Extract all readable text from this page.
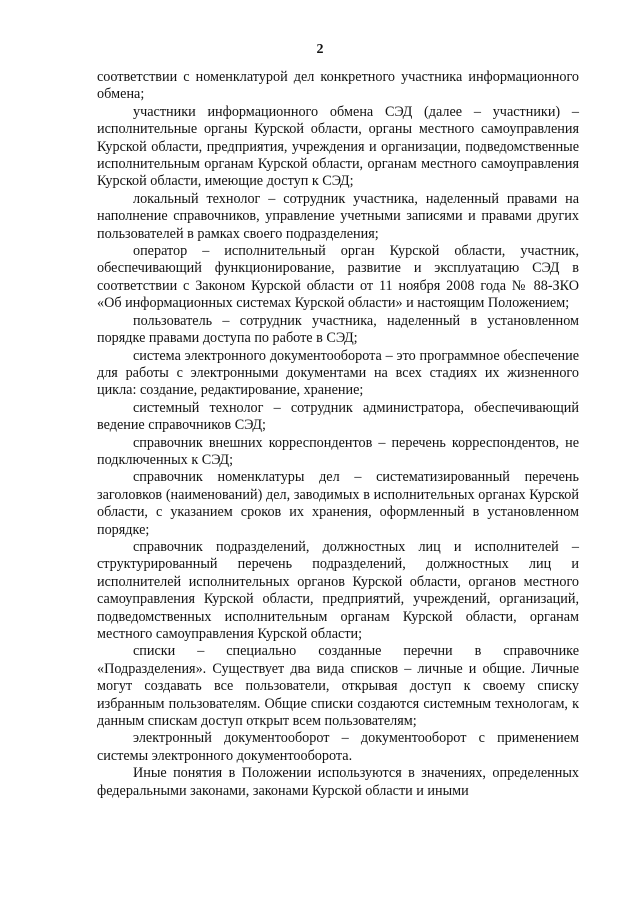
2

соответствии с номенклатурой дел конкретного участника информационного обмена;

участники информационного обмена СЭД (далее – участники) – исполнительные органы Курской области, органы местного самоуправления Курской области, предприятия, учреждения и организации, подведомственные исполнительным органам Курской области, органам местного самоуправления Курской области, имеющие доступ к СЭД;

локальный технолог – сотрудник участника, наделенный правами на наполнение справочников, управление учетными записями и правами других пользователей в рамках своего подразделения;

оператор – исполнительный орган Курской области, участник, обеспечивающий функционирование, развитие и эксплуатацию СЭД в соответствии с Законом Курской области от 11 ноября 2008 года № 88-ЗКО «Об информационных системах Курской области» и настоящим Положением;

пользователь – сотрудник участника, наделенный в установленном порядке правами доступа по работе в СЭД;

система электронного документооборота – это программное обеспечение для работы с электронными документами на всех стадиях их жизненного цикла: создание, редактирование, хранение;

системный технолог – сотрудник администратора, обеспечивающий ведение справочников СЭД;

справочник внешних корреспондентов – перечень корреспондентов, не подключенных к СЭД;

справочник номенклатуры дел – систематизированный перечень заголовков (наименований) дел, заводимых в исполнительных органах Курской области, с указанием сроков их хранения, оформленный в установленном порядке;

справочник подразделений, должностных лиц и исполнителей – структурированный перечень подразделений, должностных лиц и исполнителей исполнительных органов Курской области, органов местного самоуправления Курской области, предприятий, учреждений, организаций, подведомственных исполнительным органам Курской области, органам местного самоуправления Курской области;

списки – специально созданные перечни в справочнике «Подразделения». Существует два вида списков – личные и общие. Личные могут создавать все пользователи, открывая доступ к своему списку избранным пользователям. Общие списки создаются системным технологам, к данным спискам доступ открыт всем пользователям;

электронный документооборот – документооборот с применением системы электронного документооборота.

Иные понятия в Положении используются в значениях, определенных федеральными законами, законами Курской области и иными
